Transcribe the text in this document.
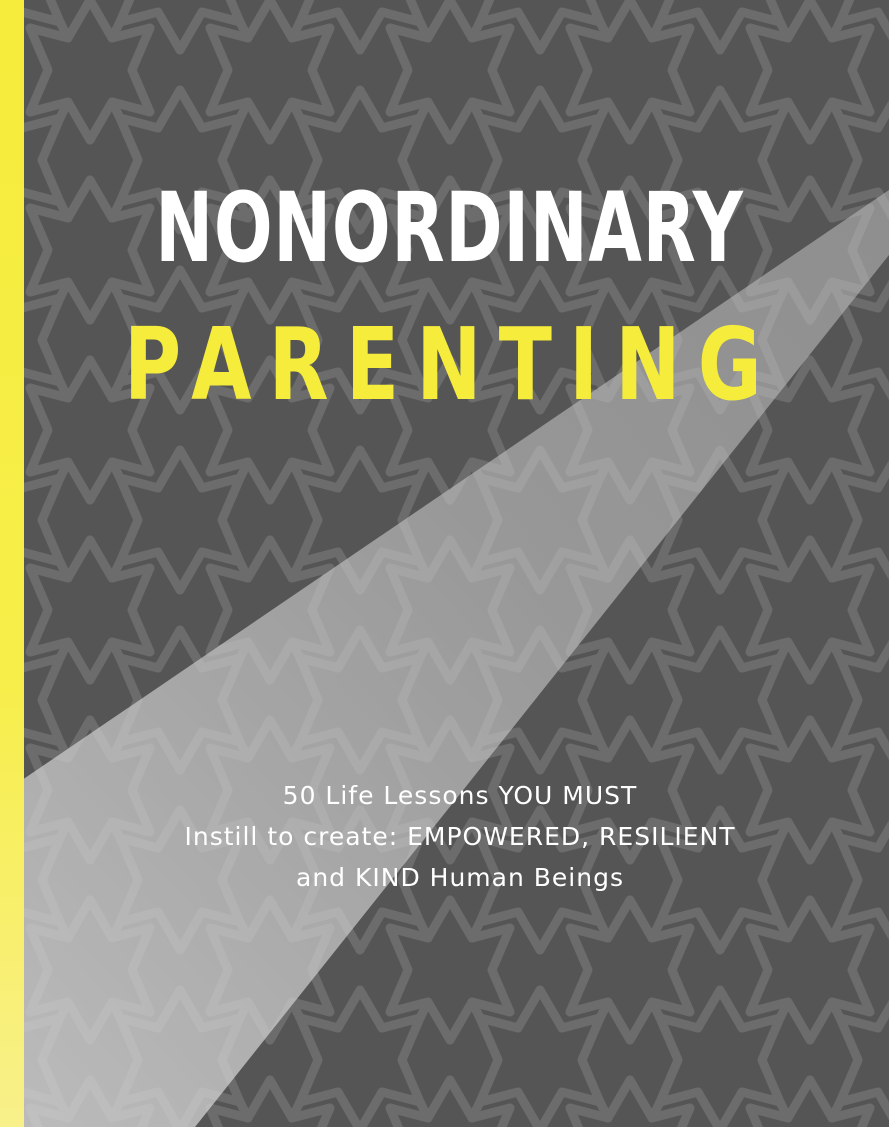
NONORDINARY
PARENTING
50 Life Lessons YOU MUST
Instill to create: EMPOWERED, RESILIENT
and KIND Human Beings
